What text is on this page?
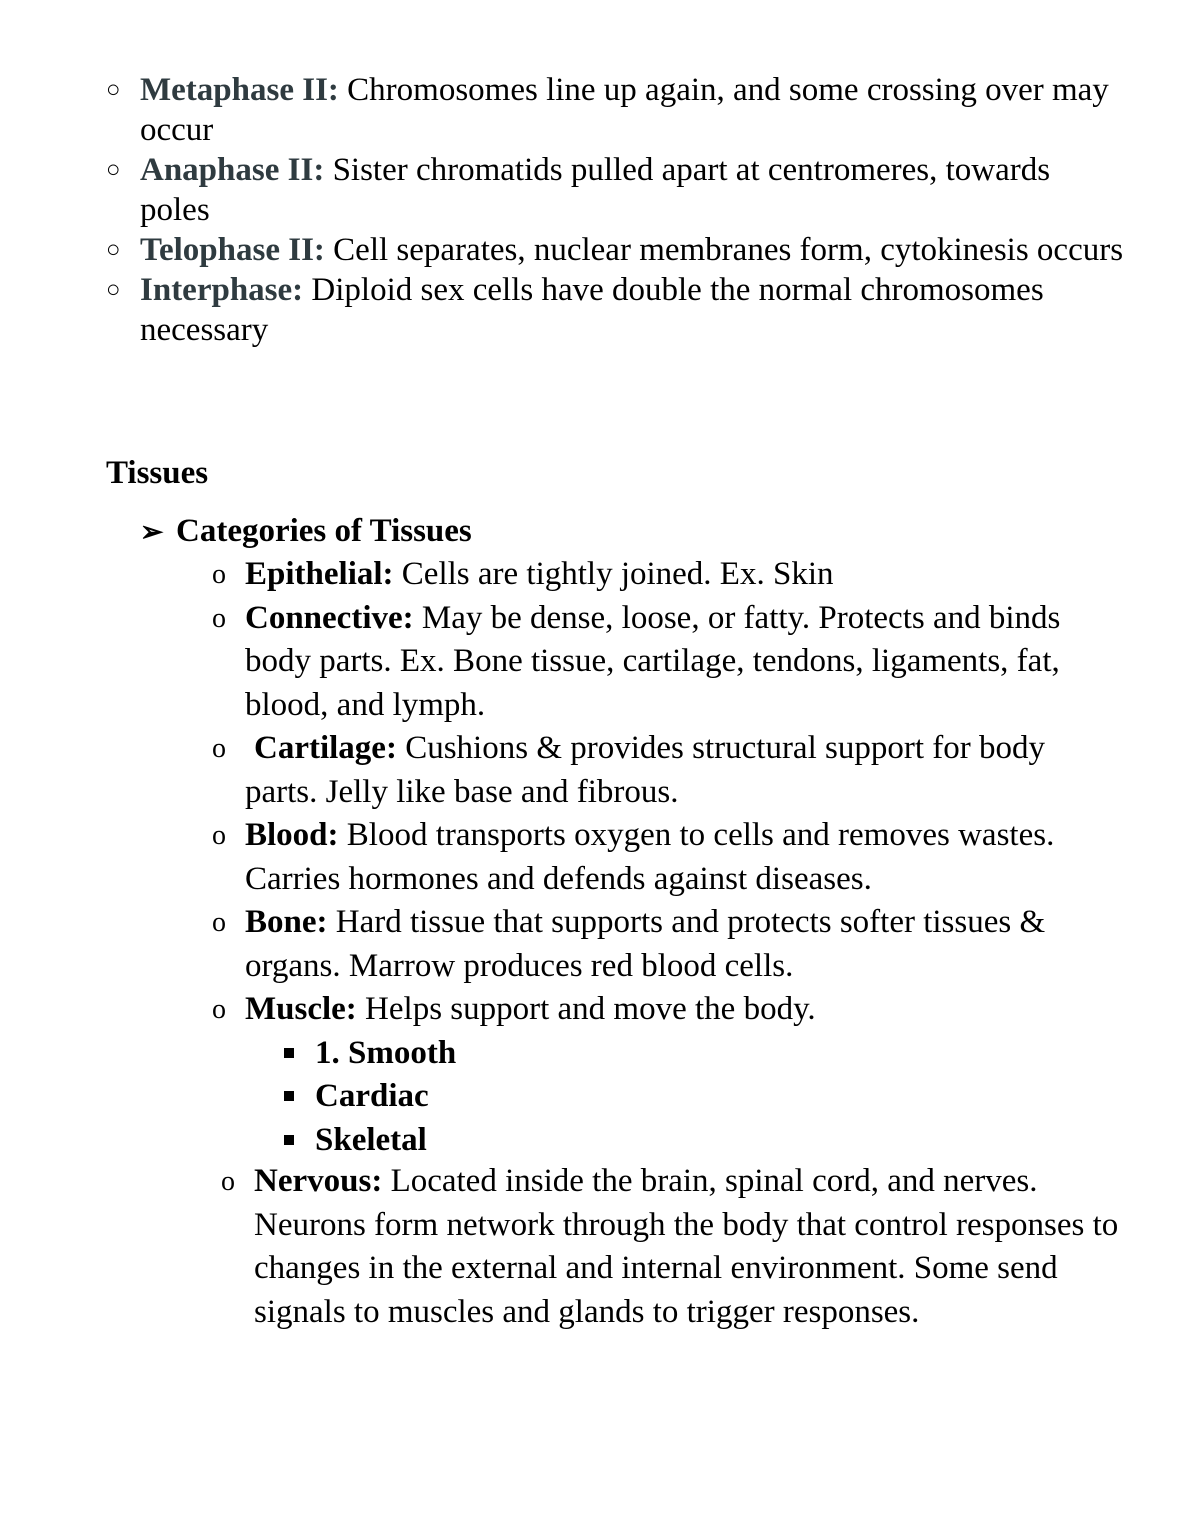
○ Metaphase II: Chromosomes line up again, and some crossing over may occur
○ Anaphase II: Sister chromatids pulled apart at centromeres, towards poles
○ Telophase II: Cell separates, nuclear membranes form, cytokinesis occurs
○ Interphase: Diploid sex cells have double the normal chromosomes necessary
Tissues
➢ Categories of Tissues
o Epithelial: Cells are tightly joined. Ex. Skin
o Connective: May be dense, loose, or fatty. Protects and binds body parts. Ex. Bone tissue, cartilage, tendons, ligaments, fat, blood, and lymph.
o Cartilage: Cushions & provides structural support for body parts. Jelly like base and fibrous.
o Blood: Blood transports oxygen to cells and removes wastes. Carries hormones and defends against diseases.
o Bone: Hard tissue that supports and protects softer tissues & organs. Marrow produces red blood cells.
o Muscle: Helps support and move the body.
1. Smooth
Cardiac
Skeletal
o Nervous: Located inside the brain, spinal cord, and nerves. Neurons form network through the body that control responses to changes in the external and internal environment. Some send signals to muscles and glands to trigger responses.
